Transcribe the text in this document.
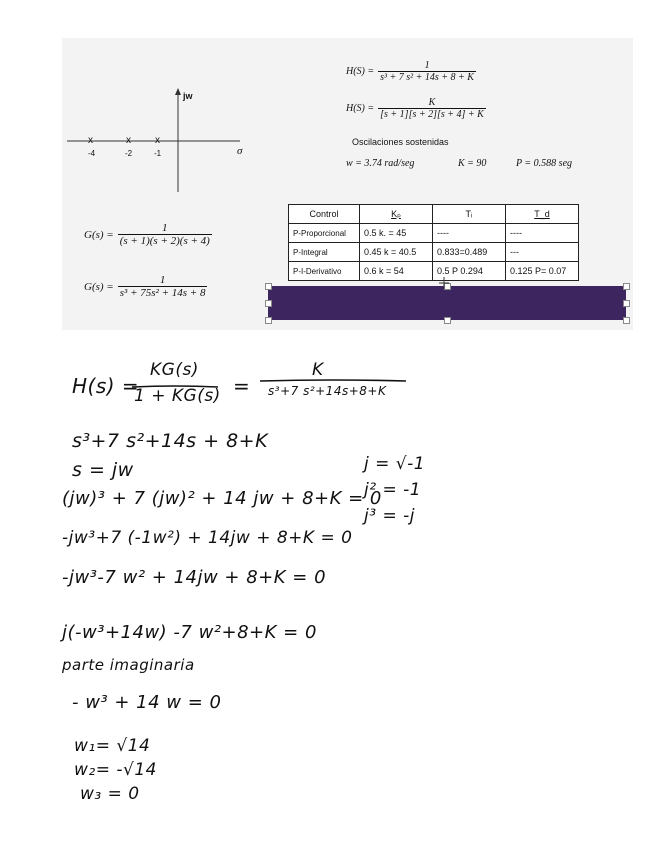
jw
σ
x	x x
-4	-2	-1
$H(S) = \frac{1}{\text{s³ + 7 s² + 14s + 8 + K}}$
$H(S) = \frac{K}{[s + 1][s + 2][s + 4] + K}$
Oscilaciones sostenidas
w = 3.74 rad/seg	K = 90	P = 0.588 seg
$G(s) = \frac{1}{(s + 1)(s + 2)(s + 4)}$
$G(s) = \frac{1}{\text{s³ + 75s² + 14s + 8}}$
Control	Kₚ	Tᵢ	T_d
P-Proporcional	0.5 k. = 45	----	----
P-Integral	0.45 k = 40.5	0.833=0.489	---
P-I-Derivativo	0.6 k = 54	0.5 P 0.294	0.125 P= 0.07
H(s) =
KG(s)
1 + KG(s) =
K
s³+7 s²+14s+8+K
s³+7 s²+14s + 8+K
s = jw
(jw)³ + 7 (jw)² + 14 jw + 8+K = 0
-jw³+7 (-1w²) + 14jw + 8+K = 0
-jw³-7 w² + 14jw + 8+K = 0
j = √-1
j² = -1
j³ = -j
j(-w³+14w) -7 w²+8+K = 0
parte imaginaria
- w³ + 14 w = 0
w₁= √14
w₂= -√14
w₃ = 0
